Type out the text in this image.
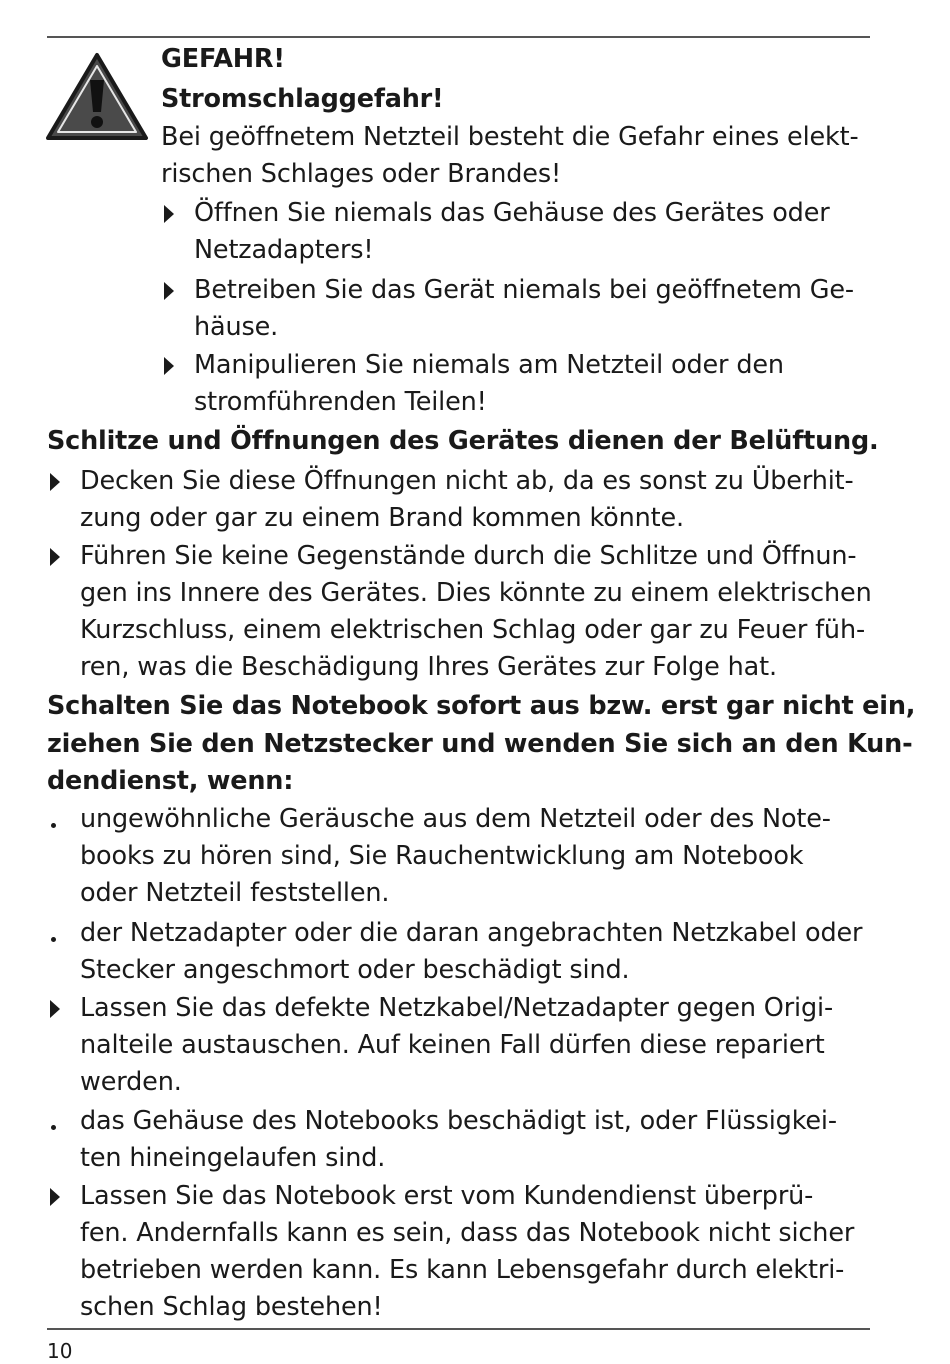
GEFAHR!
Stromschlaggefahr!
Bei geöffnetem Netzteil besteht die Gefahr eines elekt-
rischen Schlages oder Brandes!
Öffnen Sie niemals das Gehäuse des Gerätes oder
Netzadapters!
Betreiben Sie das Gerät niemals bei geöffnetem Ge-
häuse.
Manipulieren Sie niemals am Netzteil oder den
stromführenden Teilen!
Schlitze und Öffnungen des Gerätes dienen der Belüftung.
Decken Sie diese Öffnungen nicht ab, da es sonst zu Überhit-
zung oder gar zu einem Brand kommen könnte.
Führen Sie keine Gegenstände durch die Schlitze und Öffnun-
gen ins Innere des Gerätes. Dies könnte zu einem elektrischen
Kurzschluss, einem elektrischen Schlag oder gar zu Feuer füh-
ren, was die Beschädigung Ihres Gerätes zur Folge hat.
Schalten Sie das Notebook sofort aus bzw. erst gar nicht ein,
ziehen Sie den Netzstecker und wenden Sie sich an den Kun-
dendienst, wenn:
ungewöhnliche Geräusche aus dem Netzteil oder des Note-
books zu hören sind, Sie Rauchentwicklung am Notebook
oder Netzteil feststellen.
der Netzadapter oder die daran angebrachten Netzkabel oder
Stecker angeschmort oder beschädigt sind.
Lassen Sie das defekte Netzkabel/Netzadapter gegen Origi-
nalteile austauschen. Auf keinen Fall dürfen diese repariert
werden.
das Gehäuse des Notebooks beschädigt ist, oder Flüssigkei-
ten hineingelaufen sind.
Lassen Sie das Notebook erst vom Kundendienst überprü-
fen. Andernfalls kann es sein, dass das Notebook nicht sicher
betrieben werden kann. Es kann Lebensgefahr durch elektri-
schen Schlag bestehen!
10
